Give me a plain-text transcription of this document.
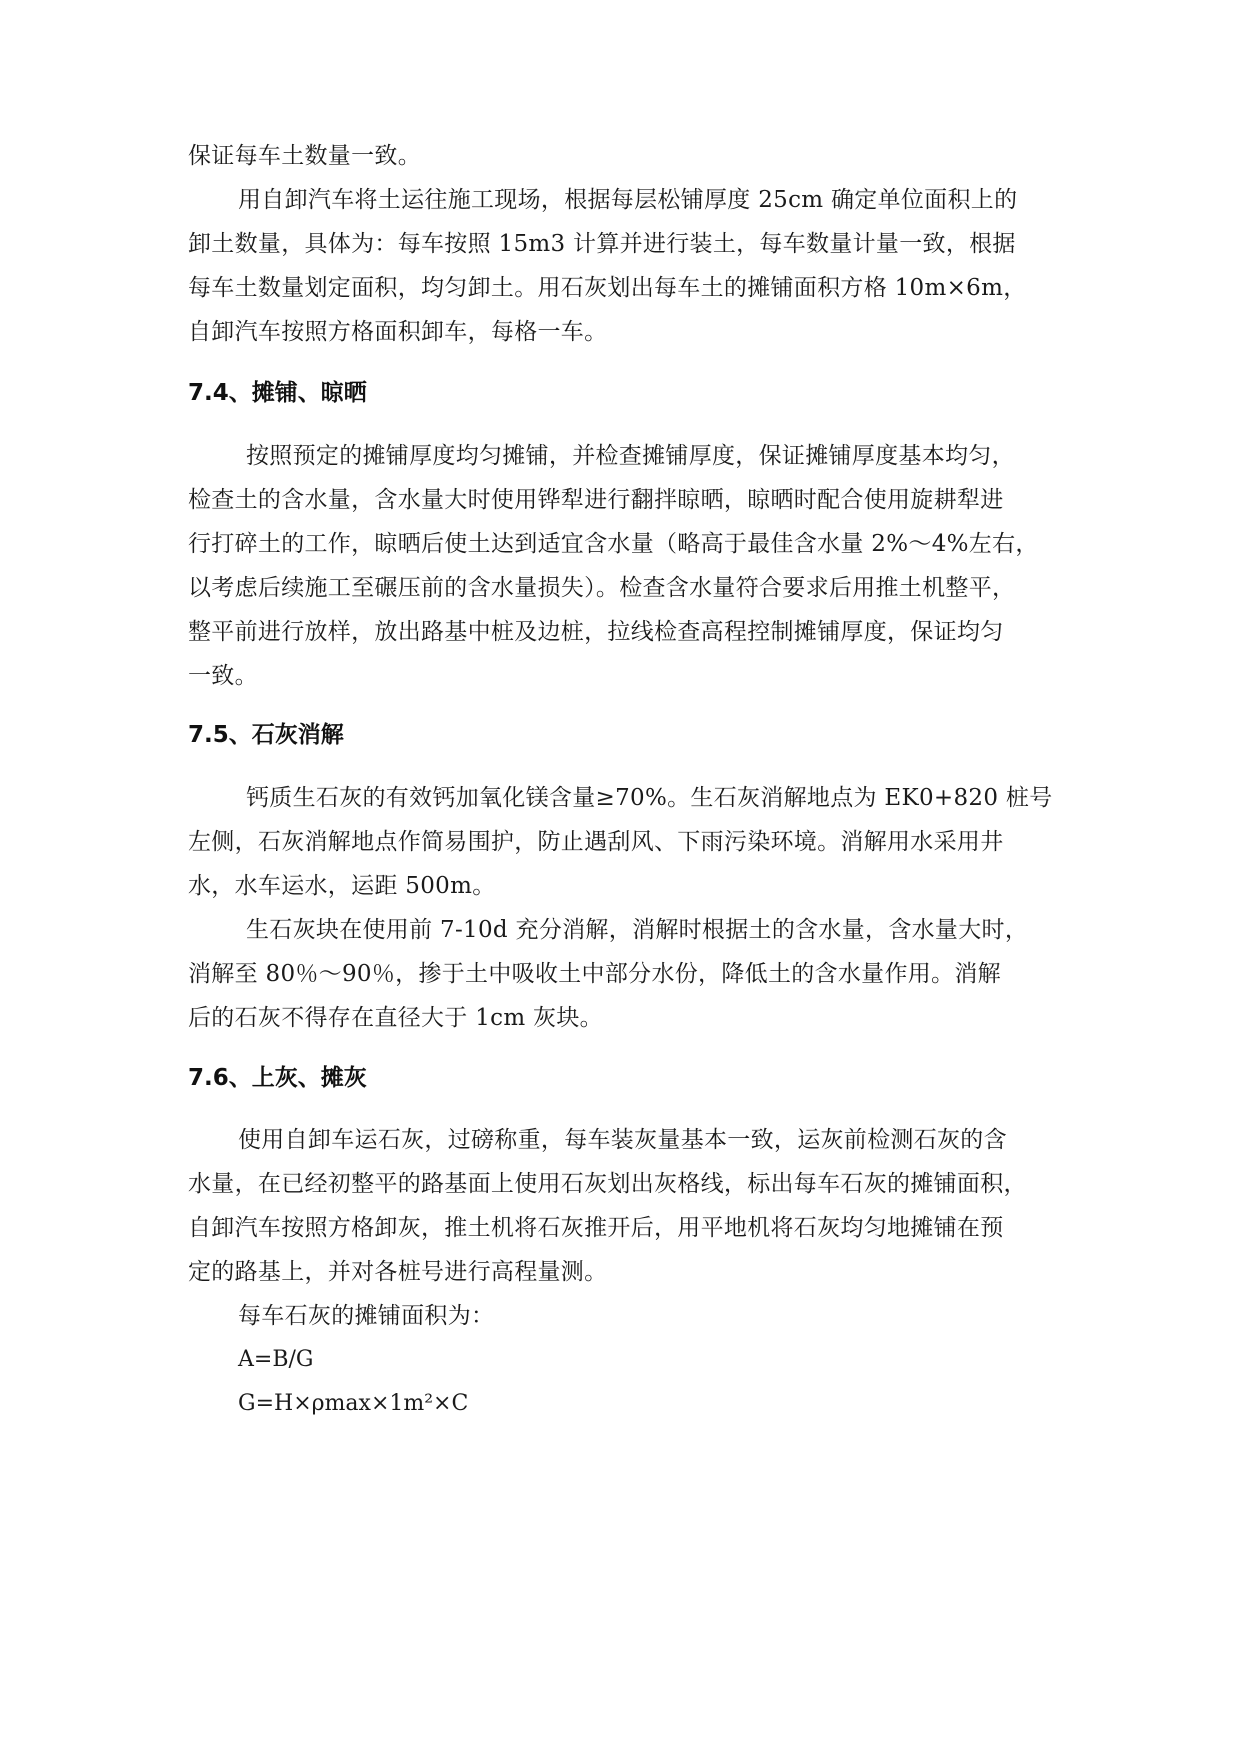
保证每车土数量一致。
用自卸汽车将土运往施工现场，根据每层松铺厚度 25cm 确定单位面积上的
卸土数量，具体为：每车按照 15m3 计算并进行装土，每车数量计量一致，根据
每车土数量划定面积，均匀卸土。用石灰划出每车土的摊铺面积方格 10m×6m，
自卸汽车按照方格面积卸车，每格一车。
7.4、摊铺、晾晒
按照预定的摊铺厚度均匀摊铺，并检查摊铺厚度，保证摊铺厚度基本均匀，
检查土的含水量，含水量大时使用铧犁进行翻拌晾晒，晾晒时配合使用旋耕犁进
行打碎土的工作，晾晒后使土达到适宜含水量（略高于最佳含水量 2%～4%左右，
以考虑后续施工至碾压前的含水量损失）。检查含水量符合要求后用推土机整平，
整平前进行放样，放出路基中桩及边桩，拉线检查高程控制摊铺厚度，保证均匀
一致。
7.5、石灰消解
钙质生石灰的有效钙加氧化镁含量≥70%。生石灰消解地点为 EK0+820 桩号
左侧，石灰消解地点作简易围护，防止遇刮风、下雨污染环境。消解用水采用井
水，水车运水，运距 500m。
生石灰块在使用前 7-10d 充分消解，消解时根据土的含水量，含水量大时，
消解至 80％～90％，掺于土中吸收土中部分水份，降低土的含水量作用。消解
后的石灰不得存在直径大于 1cm 灰块。
7.6、上灰、摊灰
使用自卸车运石灰，过磅称重，每车装灰量基本一致，运灰前检测石灰的含
水量，在已经初整平的路基面上使用石灰划出灰格线，标出每车石灰的摊铺面积，
自卸汽车按照方格卸灰，推土机将石灰推开后，用平地机将石灰均匀地摊铺在预
定的路基上，并对各桩号进行高程量测。
每车石灰的摊铺面积为：
A=B/G
G=H×ρmax×1m²×C
